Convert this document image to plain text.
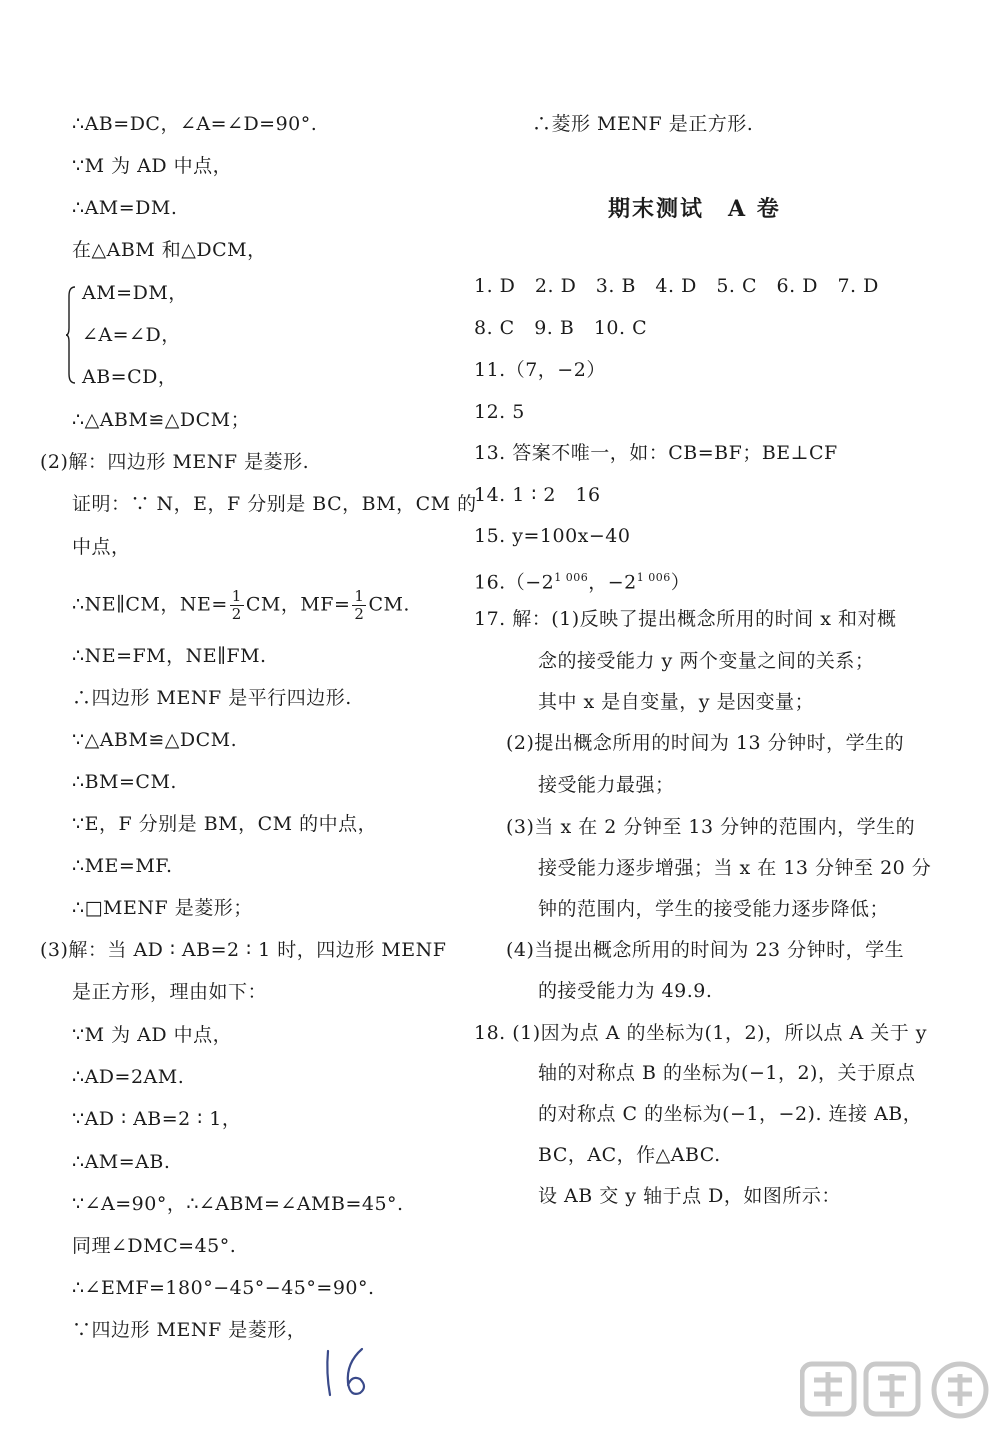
∴AB=DC，∠A=∠D=90°.
∵M 为 AD 中点，
∴AM=DM.
在△ABM 和△DCM，
AM=DM，
∠A=∠D，
AB=CD，
∴△ABM≌△DCM；
(2)解：四边形 MENF 是菱形.
证明：∵ N，E，F 分别是 BC，BM，CM 的
中点，
∴NE∥CM，$NE= \frac{1}{2}$ CM，$MF= \frac{1}{2}$ CM.
∴NE=FM，NE∥FM.
∴四边形 MENF 是平行四边形.
∵△ABM≌△DCM.
∴BM=CM.
∵E，F 分别是 BM，CM 的中点，
∴ME=MF.
∴□MENF 是菱形；
(3)解：当 AD ∶ AB=2 ∶ 1 时，四边形 MENF
是正方形，理由如下：
∵M 为 AD 中点，
∴AD=2AM.
∵AD ∶ AB=2 ∶ 1，
∴AM=AB.
∵∠A=90°，∴∠ABM=∠AMB=45°.
同理∠DMC=45°.
∴∠EMF=180°−45°−45°=90°.
∵四边形 MENF 是菱形，
∴菱形 MENF 是正方形.
期末测试　A 卷
1. D　2. D　3. B　4. D　5. C　6. D　7. D
8. C　9. B　10. C
11.（7，−2）
12. 5
13. 答案不唯一，如：CB=BF；BE⊥CF
14. 1 ∶ 2　16
15. y=100x−40
$16.(-2^{1 006}$，$-2^{1 006}$）
17. 解：(1)反映了提出概念所用的时间 x 和对概
念的接受能力 y 两个变量之间的关系；
其中 x 是自变量，y 是因变量；
(2)提出概念所用的时间为 13 分钟时，学生的
接受能力最强；
(3)当 x 在 2 分钟至 13 分钟的范围内，学生的
接受能力逐步增强；当 x 在 13 分钟至 20 分
钟的范围内，学生的接受能力逐步降低；
(4)当提出概念所用的时间为 23 分钟时，学生
的接受能力为 49.9.
18. (1)因为点 A 的坐标为(1，2)，所以点 A 关于 y
轴的对称点 B 的坐标为(−1，2)，关于原点
的对称点 C 的坐标为(−1，−2). 连接 AB，
BC，AC，作△ABC.
设 AB 交 y 轴于点 D，如图所示：
